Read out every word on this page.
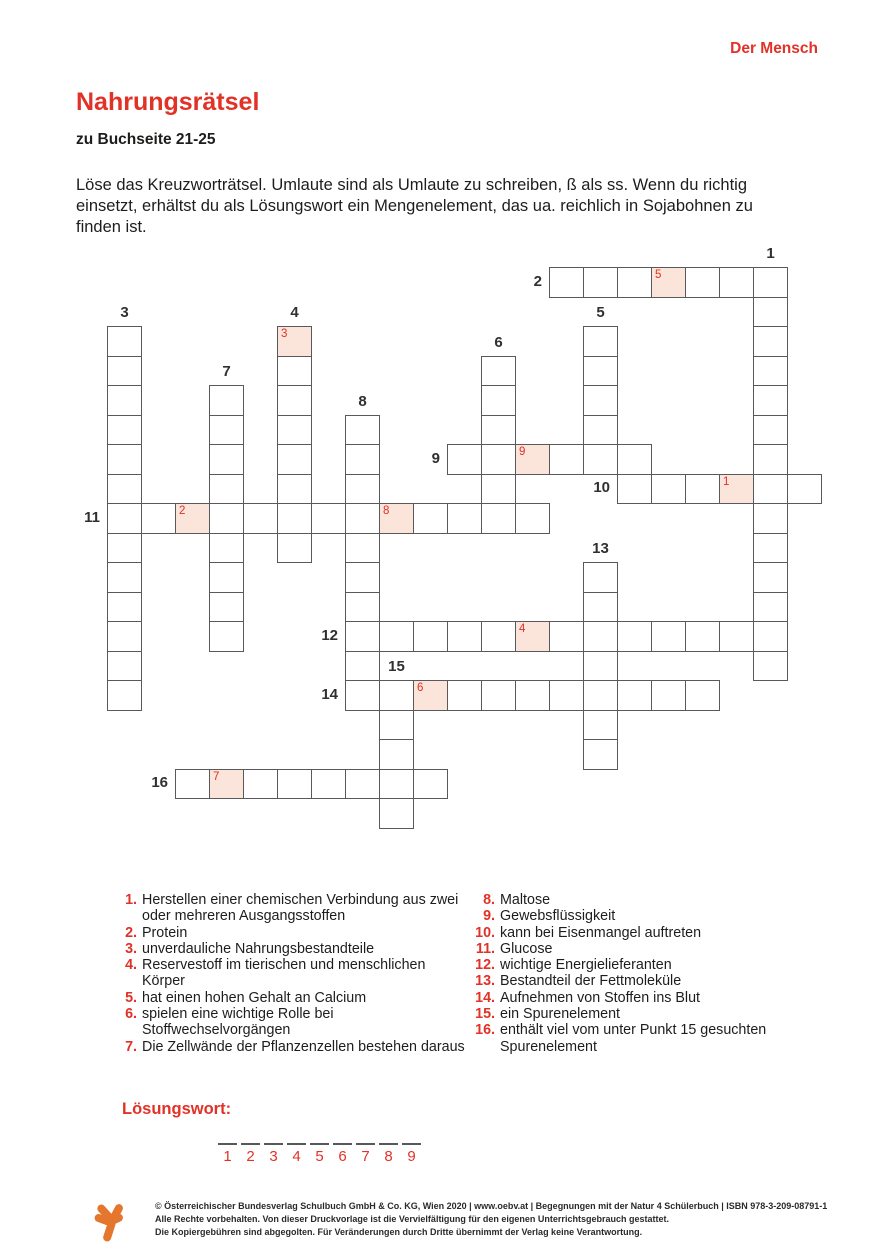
Der Mensch
Nahrungsrätsel
zu Buchseite 21-25
Löse das Kreuzworträtsel. Umlaute sind als Umlaute zu schreiben, ß als ss. Wenn du richtig
einsetzt, erhältst du als Lösungswort ein Mengenelement, das ua. reichlich in Sojabohnen zu
finden ist.
1
5
2
3
3
4	5
6
7
8
9
9
1
10
2	8
11
4
12
13
6
14
15
7
16
1. Herstellen einer chemischen Verbindung aus zwei
oder mehreren Ausgangsstoffen
2. Protein
3. unverdauliche Nahrungsbestandteile
4. Reservestoff im tierischen und menschlichen
Körper
5. hat einen hohen Gehalt an Calcium
6. spielen eine wichtige Rolle bei
Stoffwechselvorgängen
7. Die Zellwände der Pflanzenzellen bestehen daraus
8. Maltose
9. Gewebsflüssigkeit
10. kann bei Eisenmangel auftreten
11. Glucose
12. wichtige Energielieferanten
13. Bestandteil der Fettmoleküle
14. Aufnehmen von Stoffen ins Blut
15. ein Spurenelement
16. enthält viel vom unter Punkt 15 gesuchten
Spurenelement
Lösungswort:
1 2 3 4 5 6 7 8 9
© Österreichischer Bundesverlag Schulbuch GmbH & Co. KG, Wien 2020 | www.oebv.at | Begegnungen mit der Natur 4 Schülerbuch | ISBN 978-3-209-08791-1
Alle Rechte vorbehalten. Von dieser Druckvorlage ist die Vervielfältigung für den eigenen Unterrichtsgebrauch gestattet.
Die Kopiergebühren sind abgegolten. Für Veränderungen durch Dritte übernimmt der Verlag keine Verantwortung.
